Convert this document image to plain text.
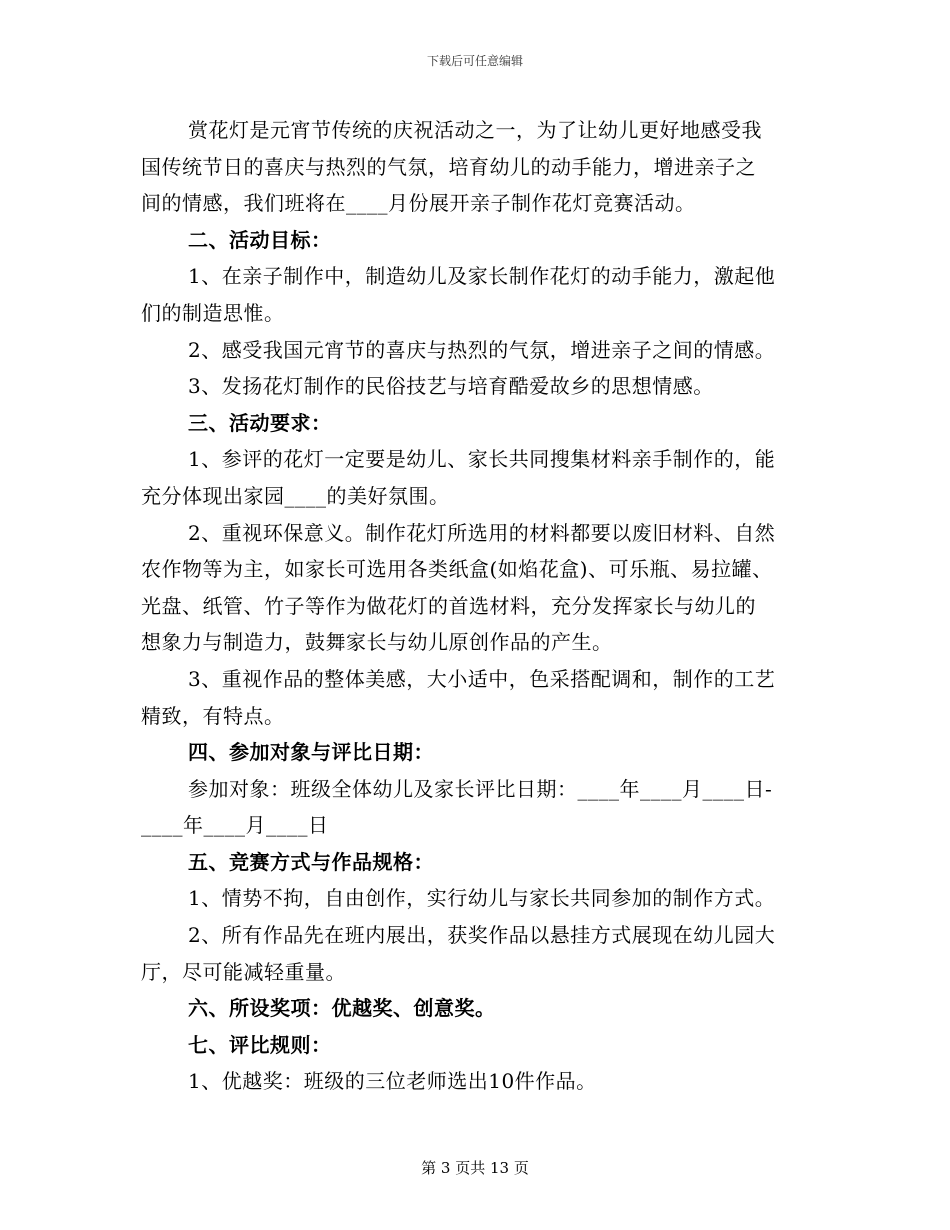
下载后可任意编辑
赏花灯是元宵节传统的庆祝活动之一，为了让幼儿更好地感受我
国传统节日的喜庆与热烈的气氛，培育幼儿的动手能力，增进亲子之
间的情感，我们班将在____月份展开亲子制作花灯竞赛活动。
二、活动目标：
1、在亲子制作中，制造幼儿及家长制作花灯的动手能力，激起他
们的制造思惟。
2、感受我国元宵节的喜庆与热烈的气氛，增进亲子之间的情感。
3、发扬花灯制作的民俗技艺与培育酷爱故乡的思想情感。
三、活动要求：
1、参评的花灯一定要是幼儿、家长共同搜集材料亲手制作的，能
充分体现出家园____的美好氛围。
2、重视环保意义。制作花灯所选用的材料都要以废旧材料、自然
农作物等为主，如家长可选用各类纸盒(如焰花盒)、可乐瓶、易拉罐、
光盘、纸管、竹子等作为做花灯的首选材料，充分发挥家长与幼儿的
想象力与制造力，鼓舞家长与幼儿原创作品的产生。
3、重视作品的整体美感，大小适中，色采搭配调和，制作的工艺
精致，有特点。
四、参加对象与评比日期：
参加对象：班级全体幼儿及家长评比日期：____年____月____日-
____年____月____日
五、竞赛方式与作品规格：
1、情势不拘，自由创作，实行幼儿与家长共同参加的制作方式。
2、所有作品先在班内展出，获奖作品以悬挂方式展现在幼儿园大
厅，尽可能减轻重量。
六、所设奖项：优越奖、创意奖。
七、评比规则：
1、优越奖：班级的三位老师选出10件作品。
第 3 页共 13 页
